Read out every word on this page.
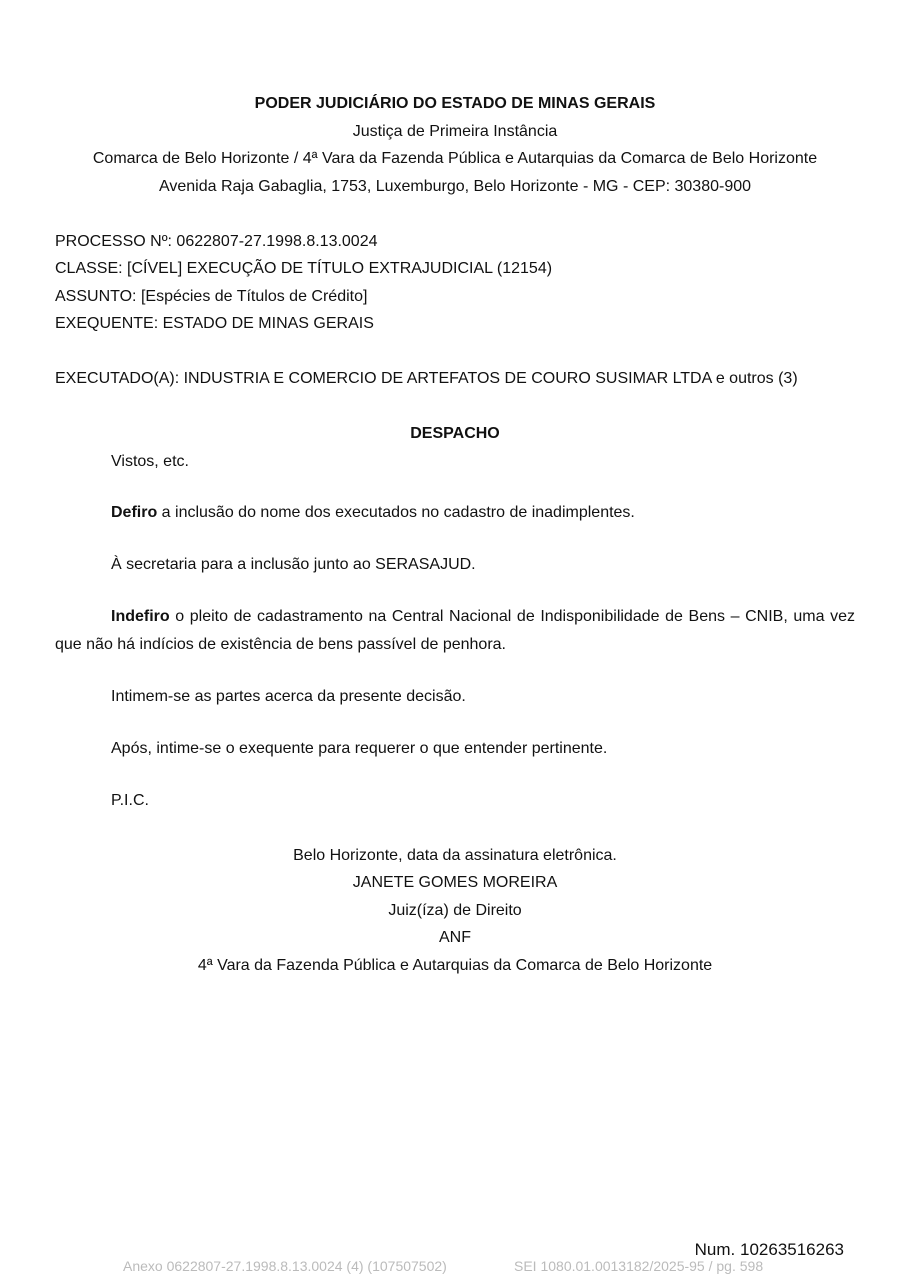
PODER JUDICIÁRIO DO ESTADO DE MINAS GERAIS
Justiça de Primeira Instância
Comarca de Belo Horizonte / 4ª Vara da Fazenda Pública e Autarquias da Comarca de Belo Horizonte
Avenida Raja Gabaglia, 1753, Luxemburgo, Belo Horizonte - MG - CEP: 30380-900
PROCESSO Nº: 0622807-27.1998.8.13.0024
CLASSE: [CÍVEL] EXECUÇÃO DE TÍTULO EXTRAJUDICIAL (12154)
ASSUNTO: [Espécies de Títulos de Crédito]
EXEQUENTE: ESTADO DE MINAS GERAIS
EXECUTADO(A): INDUSTRIA E COMERCIO DE ARTEFATOS DE COURO SUSIMAR LTDA e outros (3)
DESPACHO
Vistos, etc.
Defiro a inclusão do nome dos executados no cadastro de inadimplentes.
À secretaria para a inclusão junto ao SERASAJUD.
Indefiro o pleito de cadastramento na Central Nacional de Indisponibilidade de Bens – CNIB, uma vez que não há indícios de existência de bens passível de penhora.
Intimem-se as partes acerca da presente decisão.
Após, intime-se o exequente para requerer o que entender pertinente.
P.I.C.
Belo Horizonte, data da assinatura eletrônica.
JANETE GOMES MOREIRA
Juiz(íza) de Direito
ANF
4ª Vara da Fazenda Pública e Autarquias da Comarca de Belo Horizonte
Num. 10263516263
Anexo 0622807-27.1998.8.13.0024 (4) (107507502)	SEI 1080.01.0013182/2025-95 / pg. 598
